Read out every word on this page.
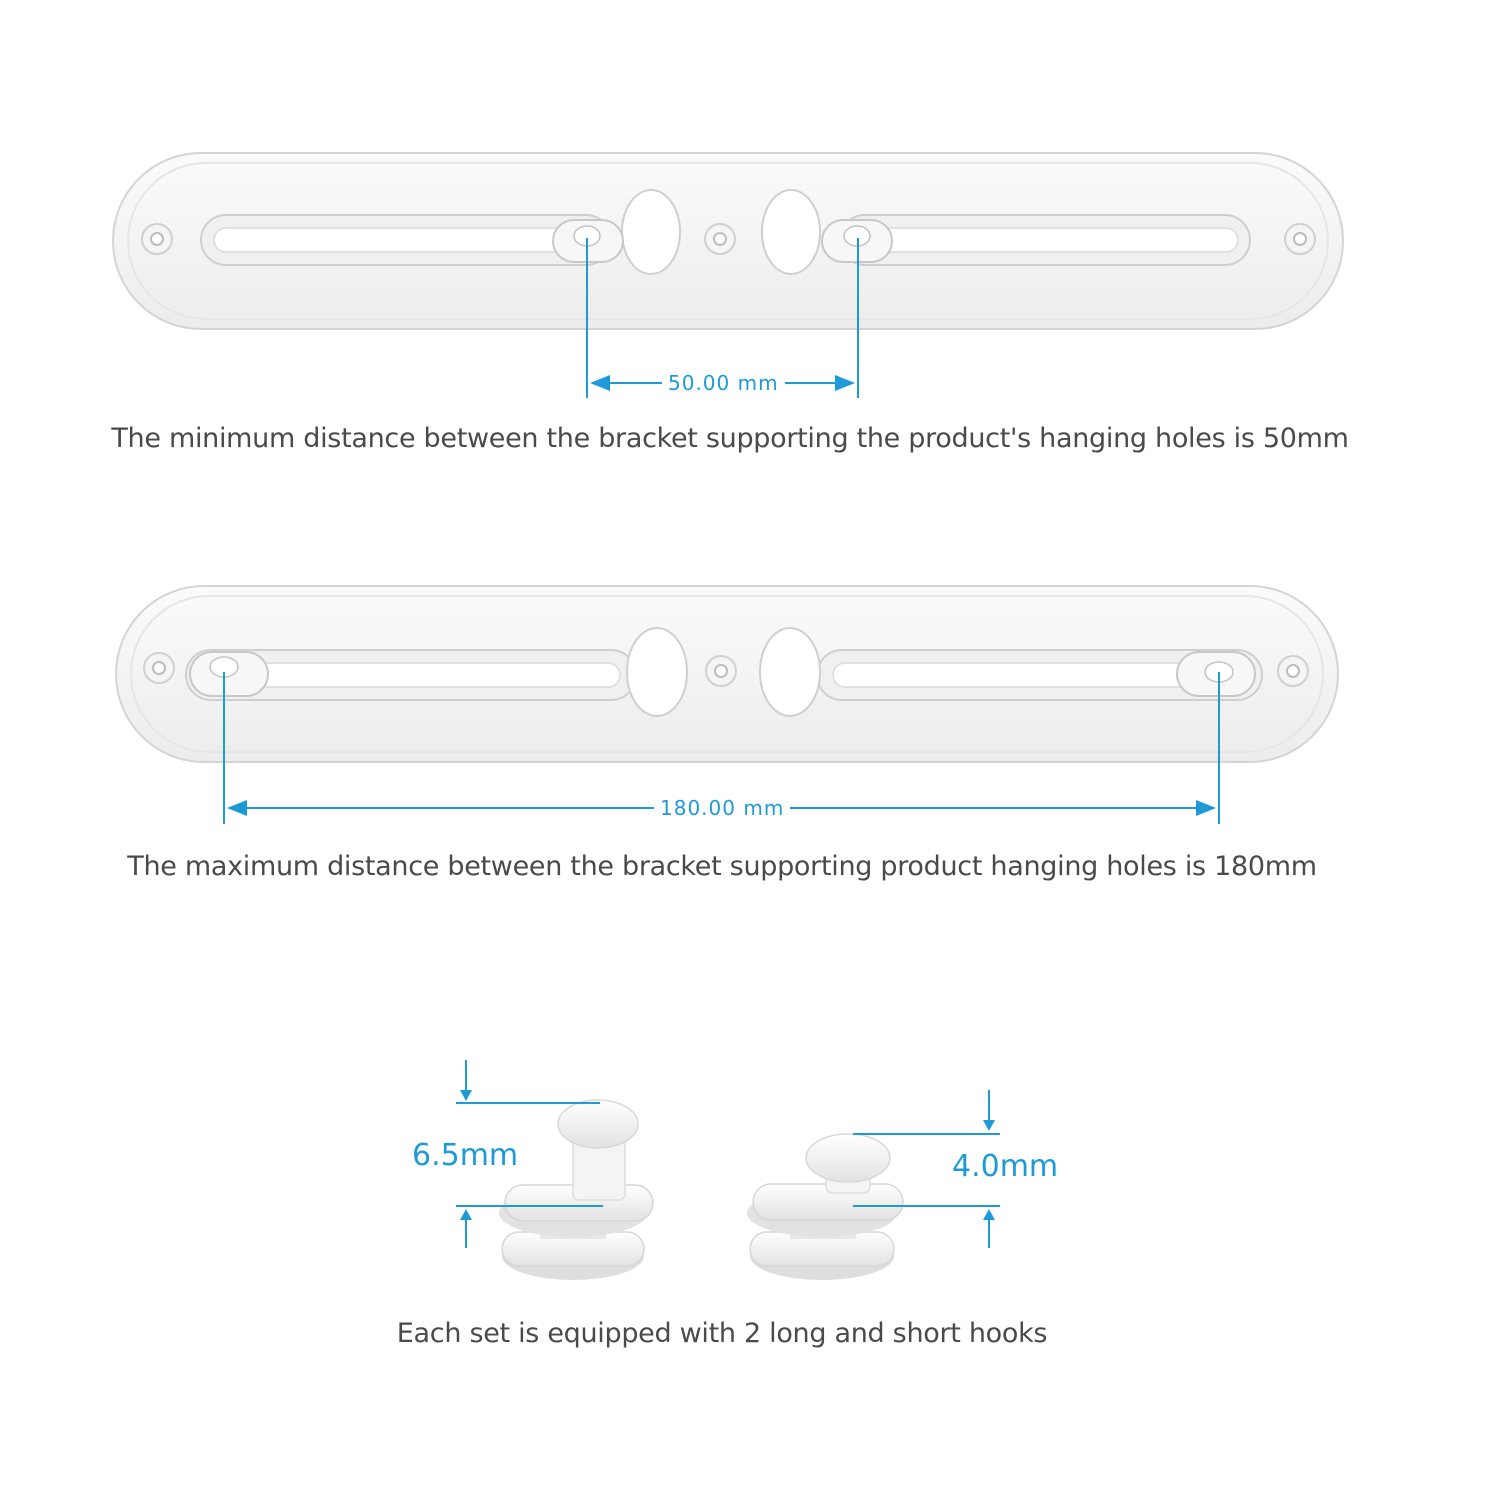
50.00 mm
180.00 mm
The minimum distance between the bracket supporting the product's hanging holes is 50mm
The maximum distance between the bracket supporting product hanging holes is 180mm
6.5mm	4.0mm
Each set is equipped with 2 long and short hooks
